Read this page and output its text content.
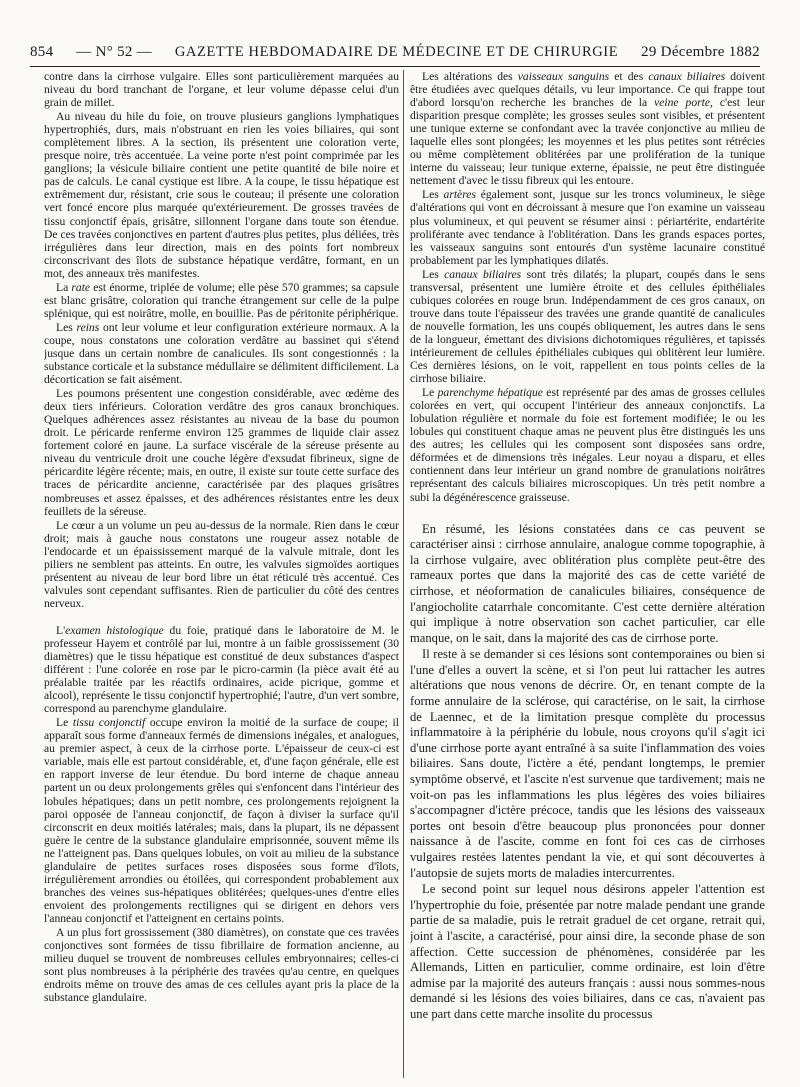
854 — N° 52 — GAZETTE HEBDOMADAIRE DE MÉDECINE ET DE CHIRURGIE 29 Décembre 1882

contre dans la cirrhose vulgaire. Elles sont particulièrement marquées au niveau du bord tranchant de l'organe, et leur volume dépasse celui d'un grain de millet.

Au niveau du hile du foie, on trouve plusieurs ganglions lymphatiques hypertrophiés, durs, mais n'obstruant en rien les voies biliaires, qui sont complètement libres. A la section, ils présentent une coloration verte, presque noire, très accentuée. La veine porte n'est point comprimée par les ganglions; la vésicule biliaire contient une petite quantité de bile noire et pas de calculs. Le canal cystique est libre. A la coupe, le tissu hépatique est extrêmement dur, résistant, crie sous le couteau; il présente une coloration vert foncé encore plus marquée qu'extérieurement. De grosses travées de tissu conjonctif épais, grisâtre, sillonnent l'organe dans toute son étendue. De ces travées conjonctives en partent d'autres plus petites, plus déliées, très irrégulières dans leur direction, mais en des points fort nombreux circonscrivant des îlots de substance hépatique verdâtre, formant, en un mot, des anneaux très manifestes.

La rate est énorme, triplée de volume; elle pèse 570 grammes; sa capsule est blanc grisâtre, coloration qui tranche étrangement sur celle de la pulpe splénique, qui est noirâtre, molle, en bouillie. Pas de péritonite périphérique.

Les reins ont leur volume et leur configuration extérieure normaux. A la coupe, nous constatons une coloration verdâtre au bassinet qui s'étend jusque dans un certain nombre de canalicules. Ils sont congestionnés : la substance corticale et la substance médullaire se délimitent difficilement. La décortication se fait aisément.

Les poumons présentent une congestion considérable, avec œdème des deux tiers inférieurs. Coloration verdâtre des gros canaux bronchiques. Quelques adhérences assez résistantes au niveau de la base du poumon droit. Le péricarde renferme environ 125 grammes de liquide clair assez fortement coloré en jaune. La surface viscérale de la séreuse présente au niveau du ventricule droit une couche légère d'exsudat fibrineux, signe de péricardite légère récente; mais, en outre, il existe sur toute cette surface des traces de péricardite ancienne, caractérisée par des plaques grisâtres nombreuses et assez épaisses, et des adhérences résistantes entre les deux feuillets de la séreuse.

Le cœur a un volume un peu au-dessus de la normale. Rien dans le cœur droit; mais à gauche nous constatons une rougeur assez notable de l'endocarde et un épaississement marqué de la valvule mitrale, dont les piliers ne semblent pas atteints. En outre, les valvules sigmoïdes aortiques présentent au niveau de leur bord libre un état réticulé très accentué. Ces valvules sont cependant suffisantes. Rien de particulier du côté des centres nerveux.

L'examen histologique du foie, pratiqué dans le laboratoire de M. le professeur Hayem et contrôlé par lui, montre à un faible grossissement (30 diamètres) que le tissu hépatique est constitué de deux substances d'aspect différent : l'une colorée en rose par le picro-carmin (la pièce avait été au préalable traitée par les réactifs ordinaires, acide picrique, gomme et alcool), représente le tissu conjonctif hypertrophié; l'autre, d'un vert sombre, correspond au parenchyme glandulaire.

Le tissu conjonctif occupe environ la moitié de la surface de coupe; il apparaît sous forme d'anneaux fermés de dimensions inégales, et analogues, au premier aspect, à ceux de la cirrhose porte. L'épaisseur de ceux-ci est variable, mais elle est partout considérable, et, d'une façon générale, elle est en rapport inverse de leur étendue. Du bord interne de chaque anneau partent un ou deux prolongements grêles qui s'enfoncent dans l'intérieur des lobules hépatiques; dans un petit nombre, ces prolongements rejoignent la paroi opposée de l'anneau conjonctif, de façon à diviser la surface qu'il circonscrit en deux moitiés latérales; mais, dans la plupart, ils ne dépassent guère le centre de la substance glandulaire emprisonnée, souvent même ils ne l'atteignent pas. Dans quelques lobules, on voit au milieu de la substance glandulaire de petites surfaces roses disposées sous forme d'îlots, irrégulièrement arrondies ou étoilées, qui correspondent probablement aux branches des veines sus-hépatiques oblitérées; quelques-unes d'entre elles envoient des prolongements rectilignes qui se dirigent en dehors vers l'anneau conjonctif et l'atteignent en certains points.

A un plus fort grossissement (380 diamètres), on constate que ces travées conjonctives sont formées de tissu fibrillaire de formation ancienne, au milieu duquel se trouvent de nombreuses cellules embryonnaires; celles-ci sont plus nombreuses à la périphérie des travées qu'au centre, en quelques endroits même on trouve des amas de ces cellules ayant pris la place de la substance glandulaire.

Les altérations des vaisseaux sanguins et des canaux biliaires doivent être étudiées avec quelques détails, vu leur importance. Ce qui frappe tout d'abord lorsqu'on recherche les branches de la veine porte, c'est leur disparition presque complète; les grosses seules sont visibles, et présentent une tunique externe se confondant avec la travée conjonctive au milieu de laquelle elles sont plongées; les moyennes et les plus petites sont rétrécies ou même complètement oblitérées par une prolifération de la tunique interne du vaisseau; leur tunique externe, épaissie, ne peut être distinguée nettement d'avec le tissu fibreux qui les entoure.

Les artères également sont, jusque sur les troncs volumineux, le siège d'altérations qui vont en décroissant à mesure que l'on examine un vaisseau plus volumineux, et qui peuvent se résumer ainsi : périartérite, endartérite proliférante avec tendance à l'oblitération. Dans les grands espaces portes, les vaisseaux sanguins sont entourés d'un système lacunaire constitué probablement par les lymphatiques dilatés.

Les canaux biliaires sont très dilatés; la plupart, coupés dans le sens transversal, présentent une lumière étroite et des cellules épithéliales cubiques colorées en rouge brun. Indépendamment de ces gros canaux, on trouve dans toute l'épaisseur des travées une grande quantité de canalicules de nouvelle formation, les uns coupés obliquement, les autres dans le sens de la longueur, émettant des divisions dichotomiques régulières, et tapissés intérieurement de cellules épithéliales cubiques qui oblitèrent leur lumière. Ces dernières lésions, on le voit, rappellent en tous points celles de la cirrhose biliaire.

Le parenchyme hépatique est représenté par des amas de grosses cellules colorées en vert, qui occupent l'intérieur des anneaux conjonctifs. La lobulation régulière et normale du foie est fortement modifiée; le ou les lobules qui constituent chaque amas ne peuvent plus être distingués les uns des autres; les cellules qui les composent sont disposées sans ordre, déformées et de dimensions très inégales. Leur noyau a disparu, et elles contiennent dans leur intérieur un grand nombre de granulations noirâtres représentant des calculs biliaires microscopiques. Un très petit nombre a subi la dégénérescence graisseuse.

En résumé, les lésions constatées dans ce cas peuvent se caractériser ainsi : cirrhose annulaire, analogue comme topographie, à la cirrhose vulgaire, avec oblitération plus complète peut-être des rameaux portes que dans la majorité des cas de cette variété de cirrhose, et néoformation de canalicules biliaires, conséquence de l'angiocholite catarrhale concomitante. C'est cette dernière altération qui implique à notre observation son cachet particulier, car elle manque, on le sait, dans la majorité des cas de cirrhose porte.

Il reste à se demander si ces lésions sont contemporaines ou bien si l'une d'elles a ouvert la scène, et si l'on peut lui rattacher les autres altérations que nous venons de décrire. Or, en tenant compte de la forme annulaire de la sclérose, qui caractérise, on le sait, la cirrhose de Laennec, et de la limitation presque complète du processus inflammatoire à la périphérie du lobule, nous croyons qu'il s'agit ici d'une cirrhose porte ayant entraîné à sa suite l'inflammation des voies biliaires. Sans doute, l'ictère a été, pendant longtemps, le premier symptôme observé, et l'ascite n'est survenue que tardivement; mais ne voit-on pas les inflammations les plus légères des voies biliaires s'accompagner d'ictère précoce, tandis que les lésions des vaisseaux portes ont besoin d'être beaucoup plus prononcées pour donner naissance à de l'ascite, comme en font foi ces cas de cirrhoses vulgaires restées latentes pendant la vie, et qui sont découvertes à l'autopsie de sujets morts de maladies intercurrentes.

Le second point sur lequel nous désirons appeler l'attention est l'hypertrophie du foie, présentée par notre malade pendant une grande partie de sa maladie, puis le retrait graduel de cet organe, retrait qui, joint à l'ascite, a caractérisé, pour ainsi dire, la seconde phase de son affection. Cette succession de phénomènes, considérée par les Allemands, Litten en particulier, comme ordinaire, est loin d'être admise par la majorité des auteurs français : aussi nous sommes-nous demandé si les lésions des voies biliaires, dans ce cas, n'avaient pas une part dans cette marche insolite du processus
